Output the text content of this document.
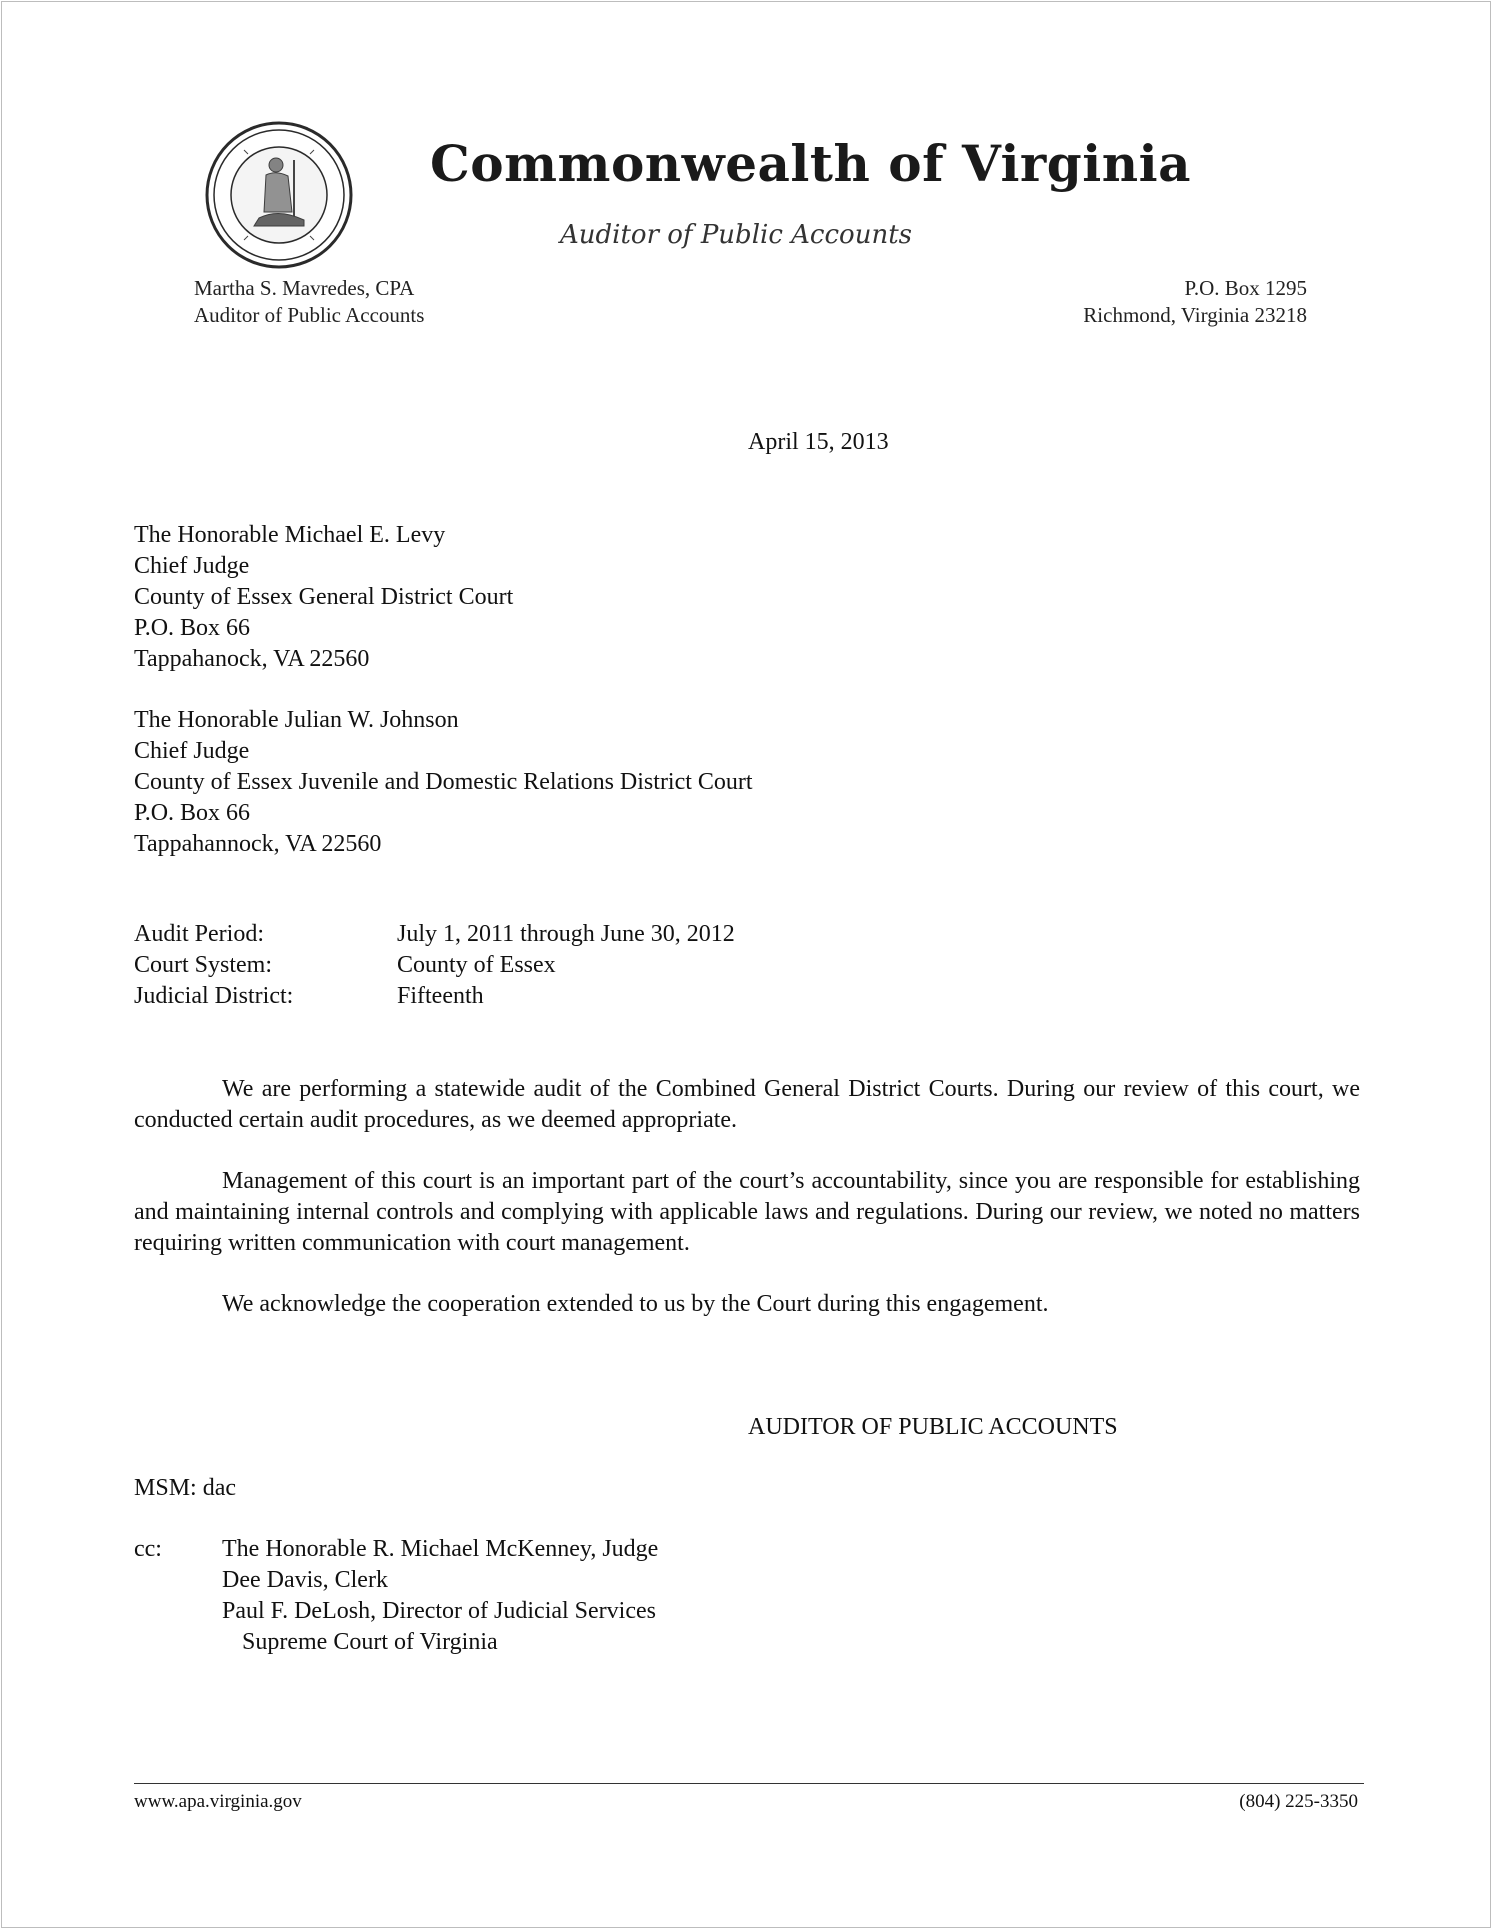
Commonwealth of Virginia
Auditor of Public Accounts
Martha S. Mavredes, CPA
Auditor of Public Accounts
P.O. Box 1295
Richmond, Virginia 23218
April 15, 2013
The Honorable Michael E. Levy
Chief Judge
County of Essex General District Court
P.O. Box 66
Tappahanock, VA 22560
The Honorable Julian W. Johnson
Chief Judge
County of Essex Juvenile and Domestic Relations District Court
P.O. Box 66
Tappahannock, VA 22560
Audit Period:	July 1, 2011 through June 30, 2012
Court System:	County of Essex
Judicial District:	Fifteenth
We are performing a statewide audit of the Combined General District Courts. During our review of this court, we conducted certain audit procedures, as we deemed appropriate.
Management of this court is an important part of the court’s accountability, since you are responsible for establishing and maintaining internal controls and complying with applicable laws and regulations. During our review, we noted no matters requiring written communication with court management.
We acknowledge the cooperation extended to us by the Court during this engagement.
AUDITOR OF PUBLIC ACCOUNTS
MSM: dac
cc:	The Honorable R. Michael McKenney, Judge
Dee Davis, Clerk
Paul F. DeLosh, Director of Judicial Services
Supreme Court of Virginia
www.apa.virginia.gov	(804) 225-3350
